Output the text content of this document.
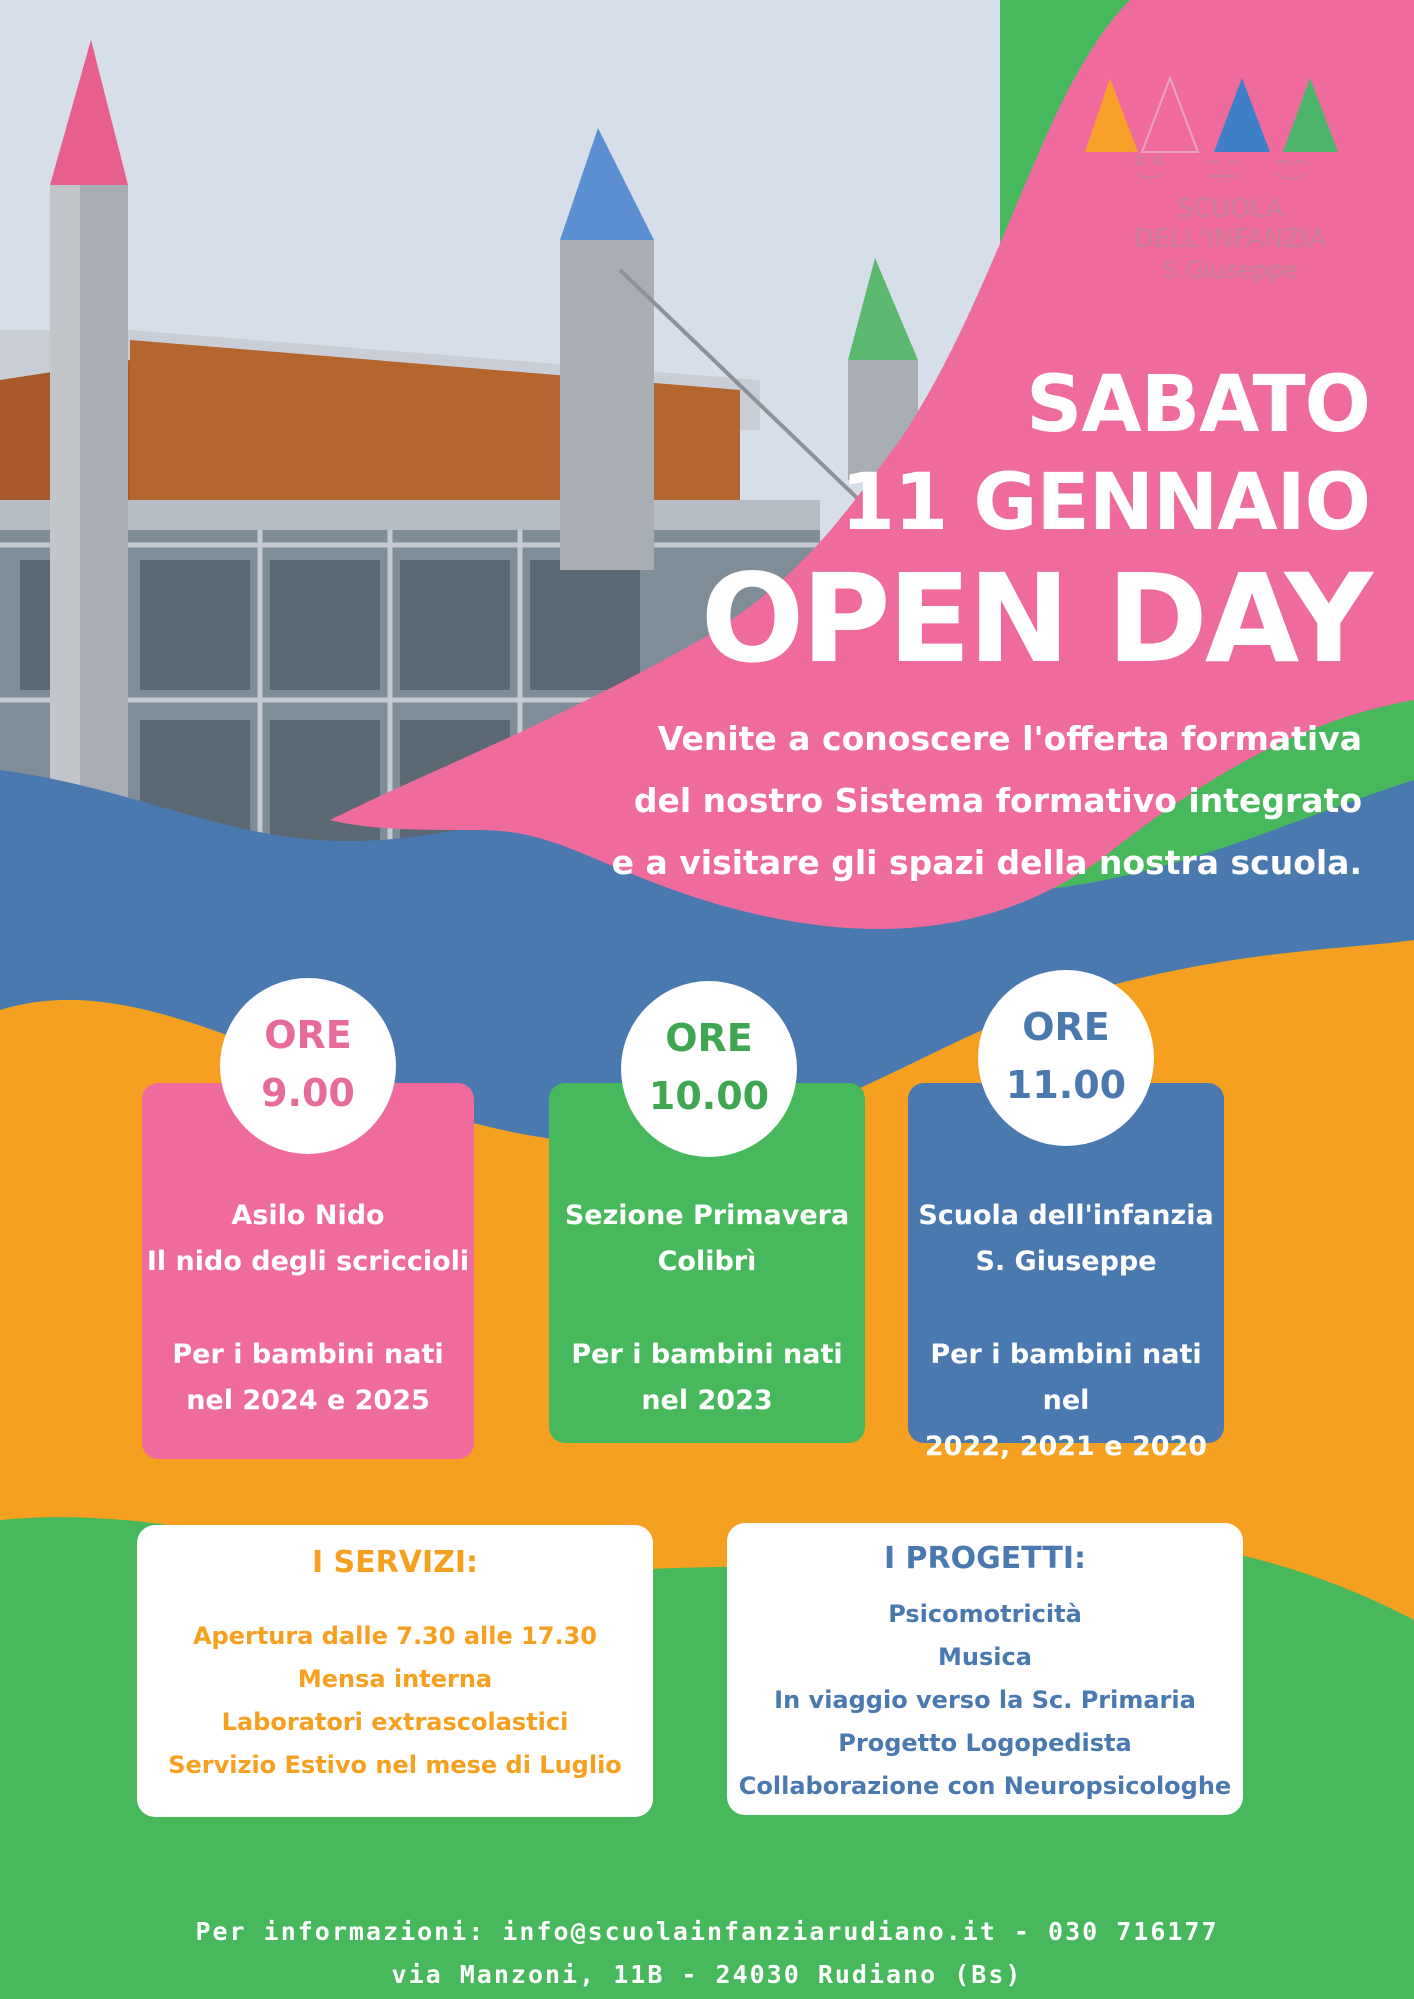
SCUOLA DELL'INFANZIA
S.Giuseppe
SABATO
11 GENNAIO
OPEN DAY
Venite a conoscere l'offerta formativa
del nostro Sistema formativo integrato
e a visitare gli spazi della nostra scuola.
Asilo Nido
Il nido degli scriccioli
Per i bambini nati
nel 2024 e 2025
ORE
9.00
Sezione Primavera
Colibrì
Per i bambini nati
nel 2023
ORE
10.00
Scuola dell'infanzia
S. Giuseppe
Per i bambini nati nel
2022, 2021 e 2020
ORE
11.00
I SERVIZI:
Apertura dalle 7.30 alle 17.30
Mensa interna
Laboratori extrascolastici
Servizio Estivo nel mese di Luglio
I PROGETTI:
Psicomotricità
Musica
In viaggio verso la Sc. Primaria
Progetto Logopedista
Collaborazione con Neuropsicologhe
Per informazioni: info@scuolainfanziarudiano.it - 030 716177
via Manzoni, 11B - 24030 Rudiano (Bs)
